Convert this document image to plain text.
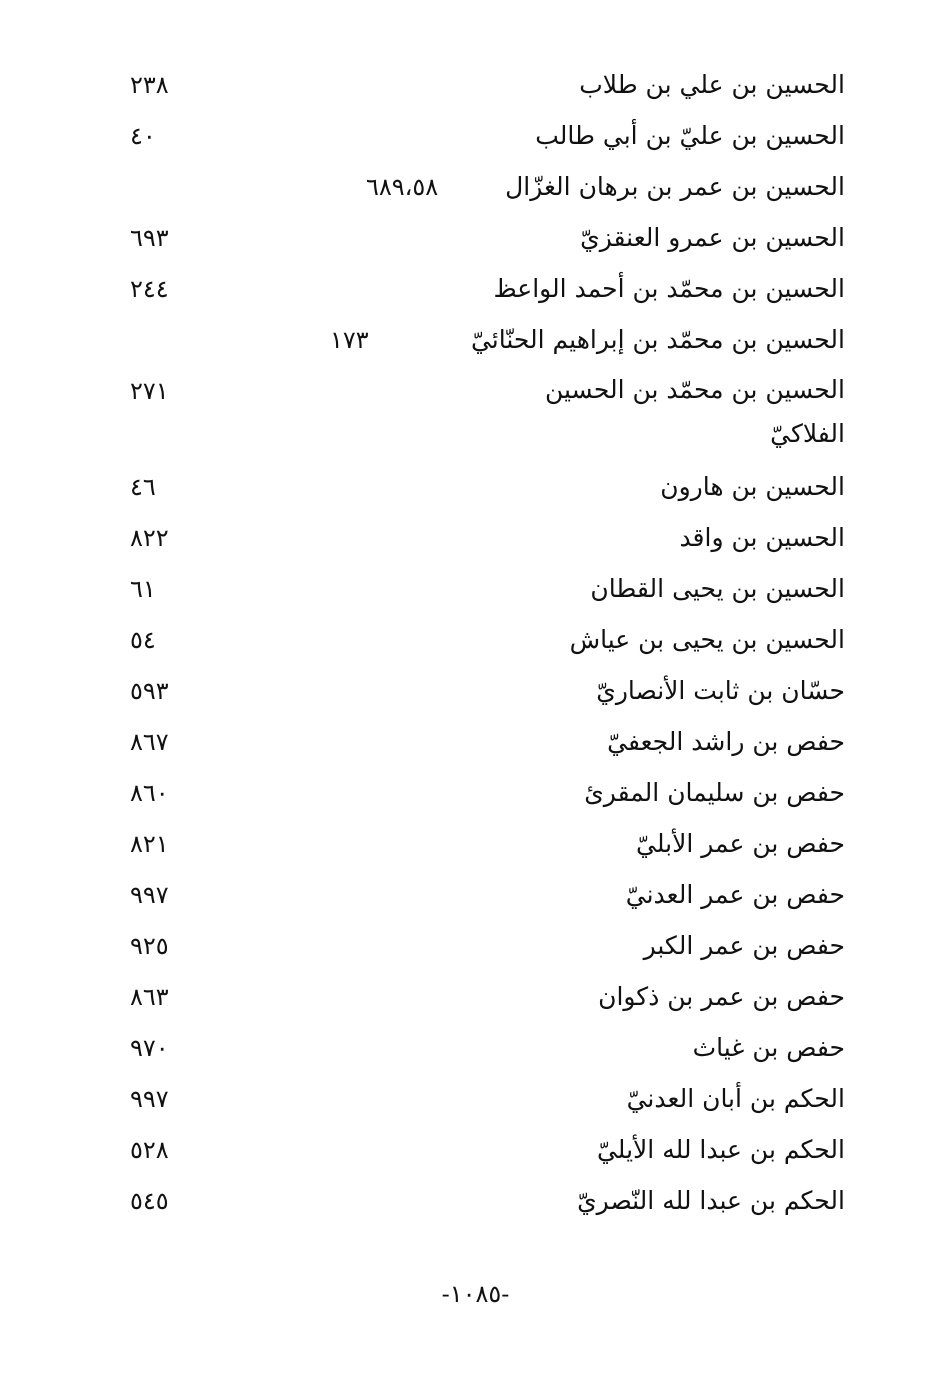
الحسين بن علي بن طلاب
٢٣٨
الحسين بن عليّ بن أبي طالب
٤٠
الحسين بن عمر بن برهان الغزّال
٦٨٩،٥٨
الحسين بن عمرو العنقزيّ
٦٩٣
الحسين بن محمّد بن أحمد الواعظ
٢٤٤
الحسين بن محمّد بن إبراهيم الحنّائيّ
١٧٣
الحسين بن محمّد بن الحسين الفلاكيّ
٢٧١
الحسين بن هارون
٤٦
الحسين بن واقد
٨٢٢
الحسين بن يحيى القطان
٦١
الحسين بن يحيى بن عياش
٥٤
حسّان بن ثابت الأنصاريّ
٥٩٣
حفص بن راشد الجعفيّ
٨٦٧
حفص بن سليمان المقرئ
٨٦٠
حفص بن عمر الأبليّ
٨٢١
حفص بن عمر العدنيّ
٩٩٧
حفص بن عمر الكبر
٩٢٥
حفص بن عمر بن ذكوان
٨٦٣
حفص بن غياث
٩٧٠
الحكم بن أبان العدنيّ
٩٩٧
الحكم بن عبدا لله الأيليّ
٥٢٨
الحكم بن عبدا لله النّصريّ
٥٤٥
-١٠٨٥-
